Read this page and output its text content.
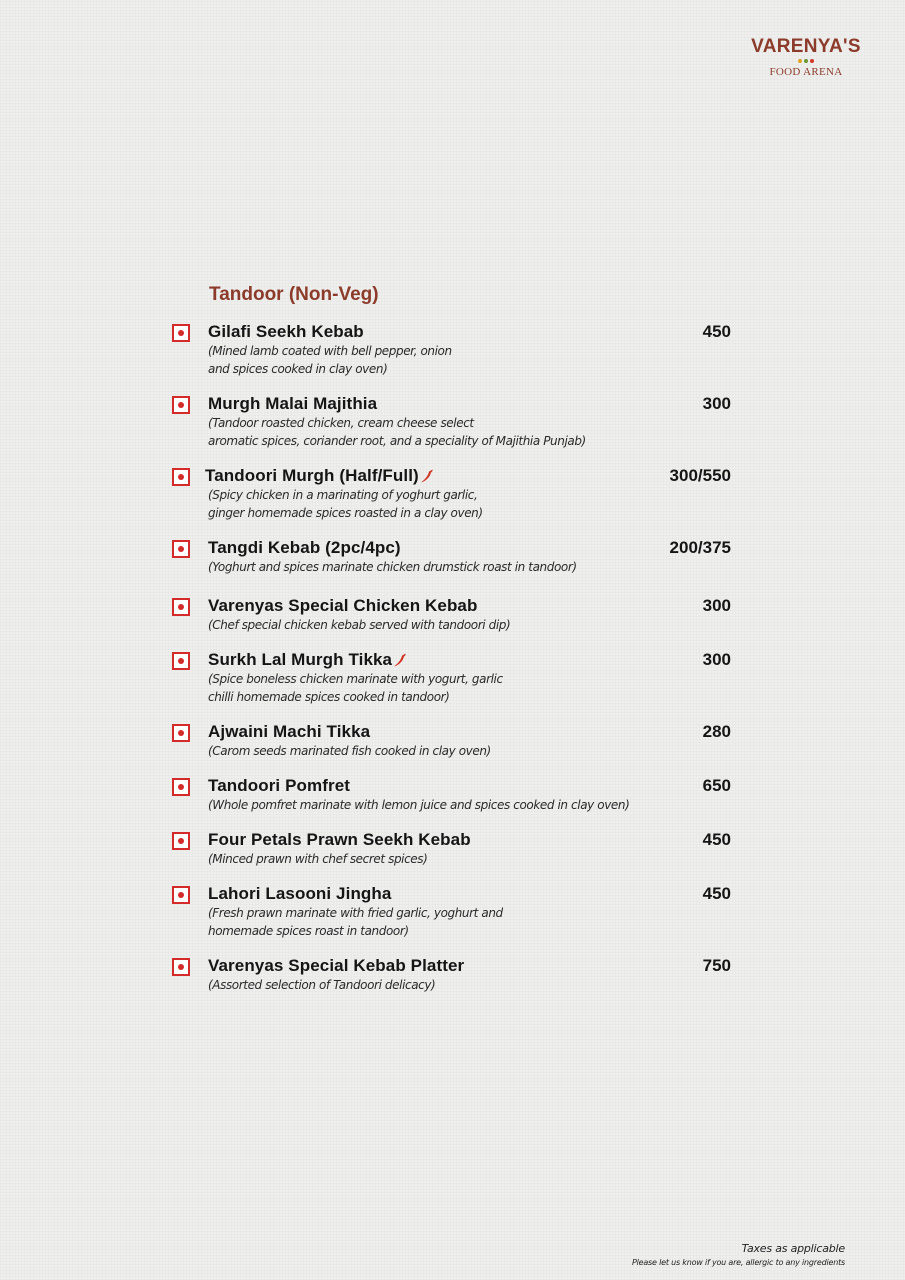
VARENYA'S
FOOD ARENA
Tandoor (Non-Veg)
Gilafi Seekh Kebab	450
(Mined lamb coated with bell pepper, onion
and spices cooked in clay oven)
Murgh Malai Majithia	300
(Tandoor roasted chicken, cream cheese select
aromatic spices, coriander root, and a speciality of Majithia Punjab)
Tandoori Murgh (Half/Full)	300/550
(Spicy chicken in a marinating of yoghurt garlic,
ginger homemade spices roasted in a clay oven)
Tangdi Kebab (2pc/4pc)	200/375
(Yoghurt and spices marinate chicken drumstick roast in tandoor)
Varenyas Special Chicken Kebab	300
(Chef special chicken kebab served with tandoori dip)
Surkh Lal Murgh Tikka	300
(Spice boneless chicken marinate with yogurt, garlic
chilli homemade spices cooked in tandoor)
Ajwaini Machi Tikka	280
(Carom seeds marinated fish cooked in clay oven)
Tandoori Pomfret	650
(Whole pomfret marinate with lemon juice and spices cooked in clay oven)
Four Petals Prawn Seekh Kebab	450
(Minced prawn with chef secret spices)
Lahori Lasooni Jingha	450
(Fresh prawn marinate with fried garlic, yoghurt and
homemade spices roast in tandoor)
Varenyas Special Kebab Platter	750
(Assorted selection of Tandoori delicacy)
Taxes as applicable
Please let us know if you are, allergic to any ingredients
